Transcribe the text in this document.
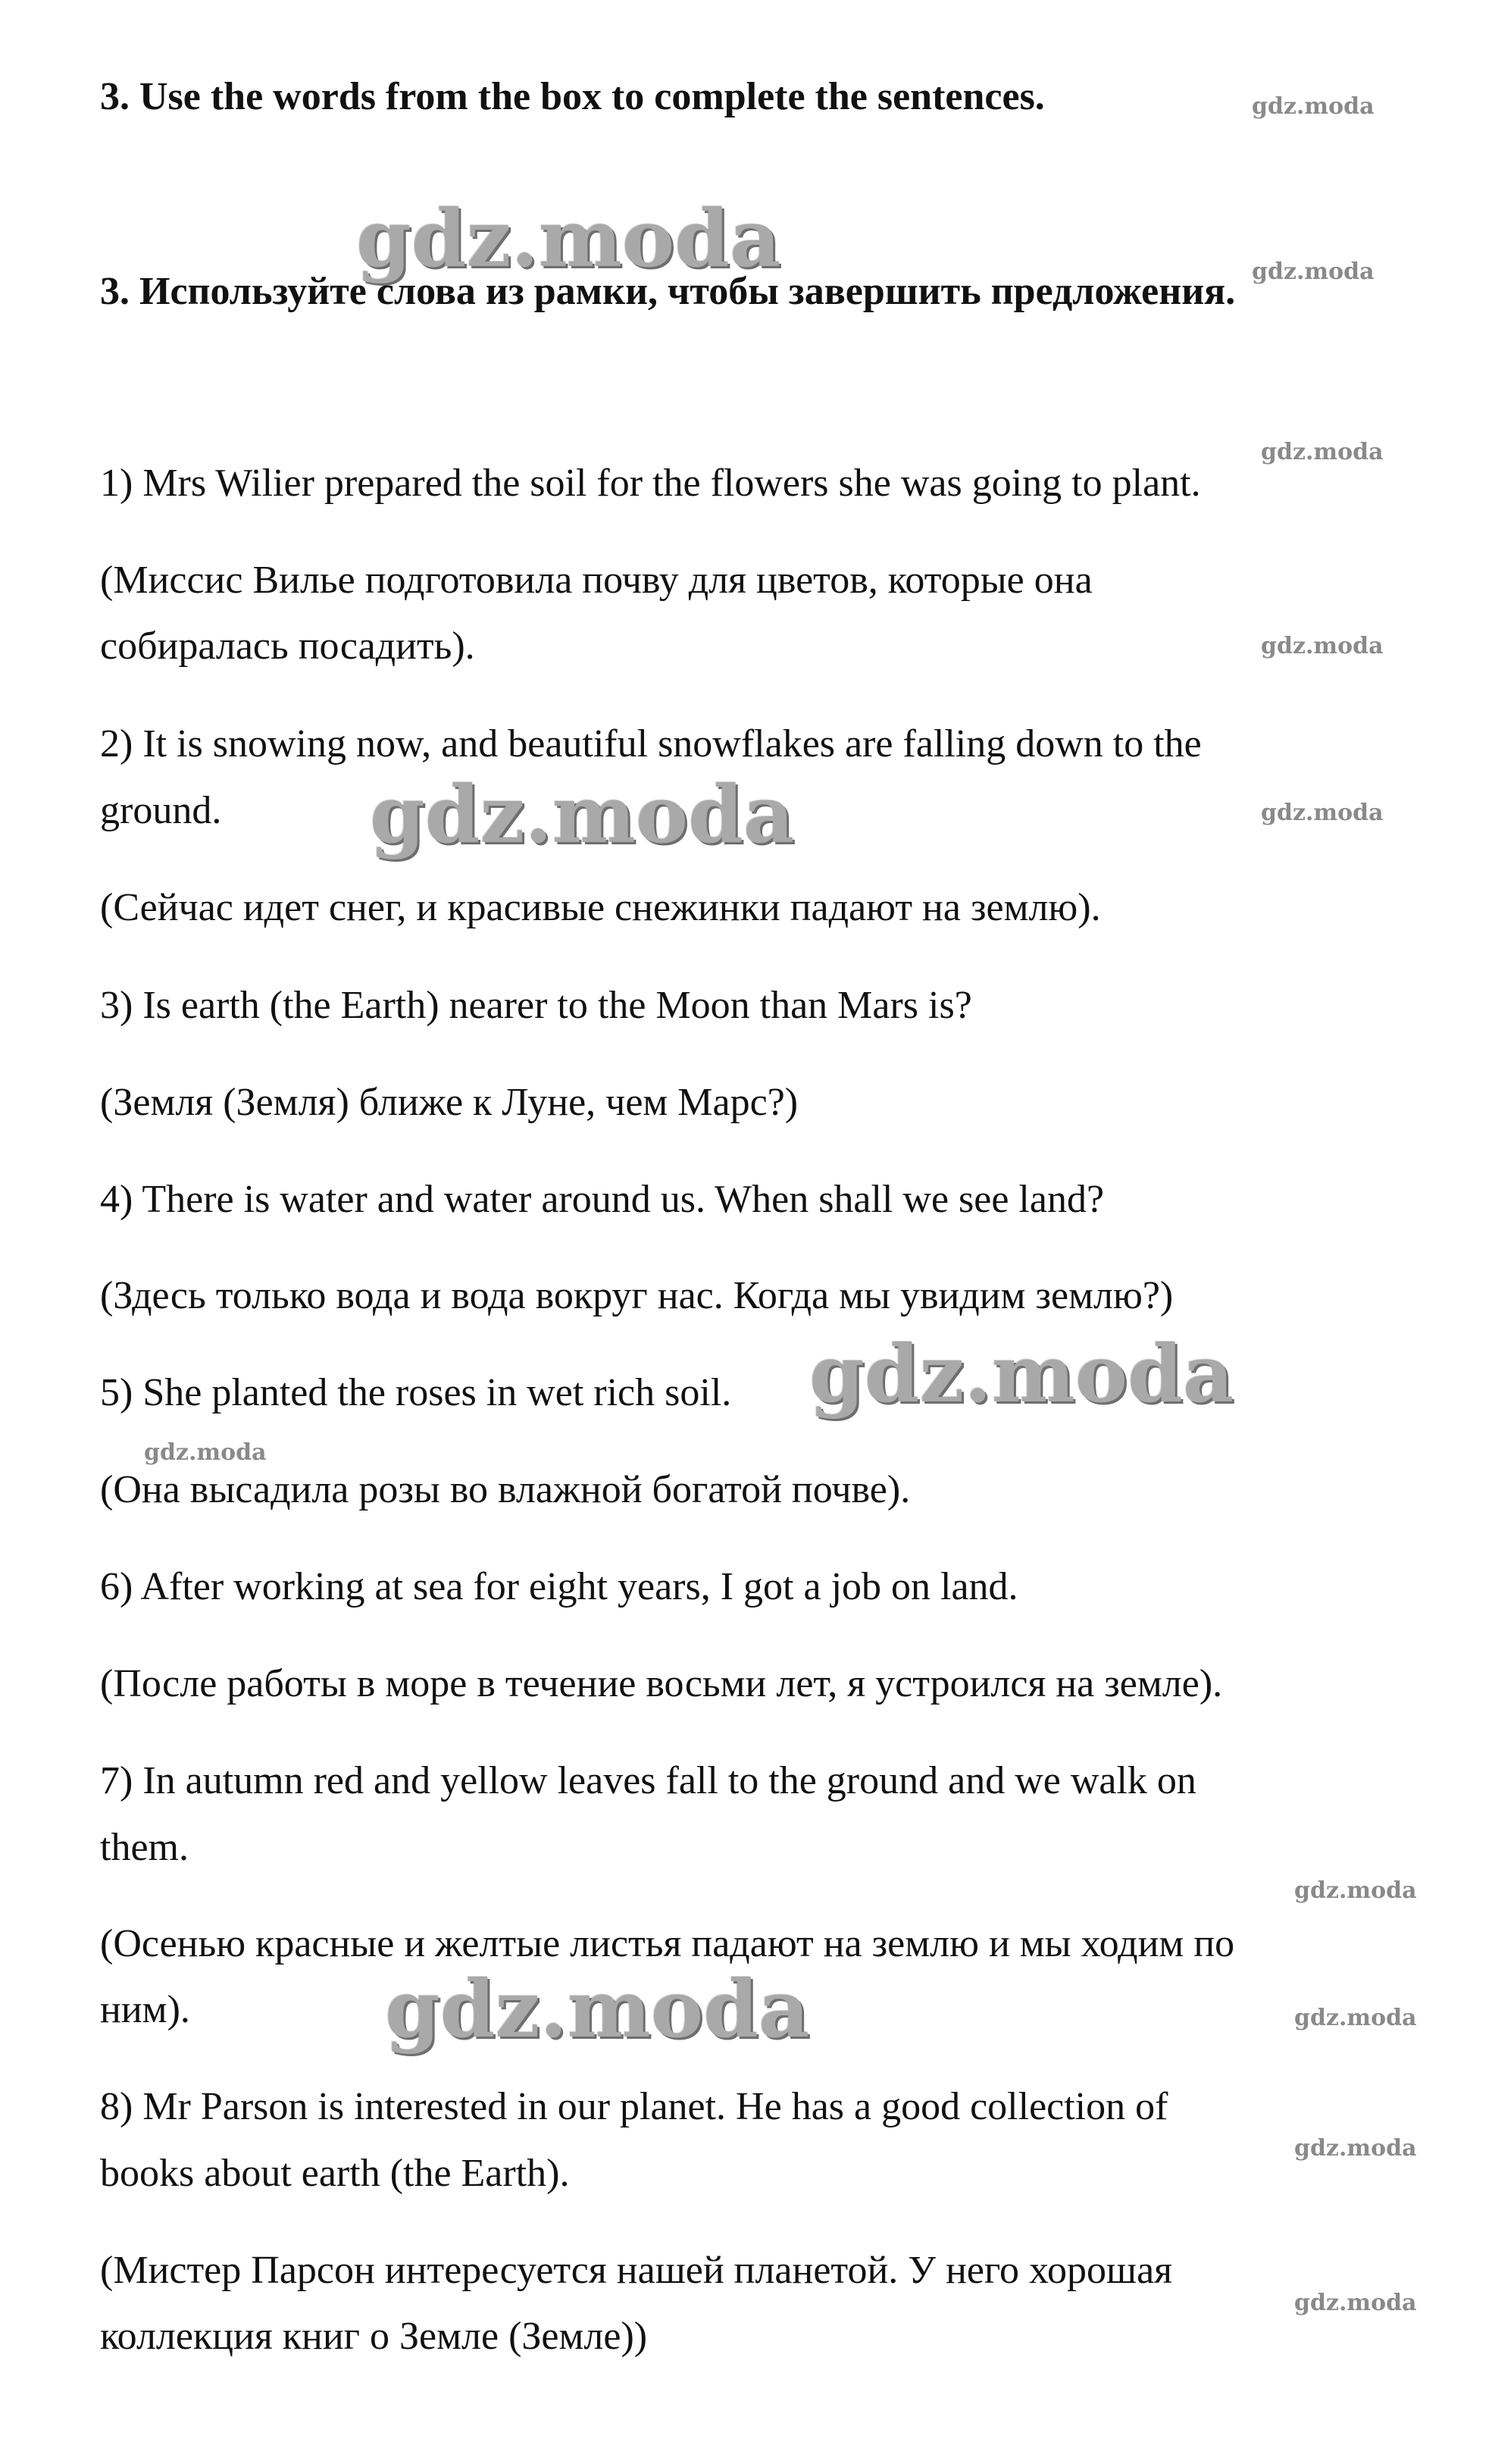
3. Use the words from the box to complete the sentences.
3. Используйте слова из рамки, чтобы завершить предложения.
1) Mrs Wilier prepared the soil for the flowers she was going to plant.
(Миссис Вилье подготовила почву для цветов, которые она
собиралась посадить).
2) It is snowing now, and beautiful snowflakes are falling down to the
ground.
(Сейчас идет снег, и красивые снежинки падают на землю).
3) Is earth (the Earth) nearer to the Moon than Mars is?
(Земля (Земля) ближе к Луне, чем Марс?)
4) There is water and water around us. When shall we see land?
(Здесь только вода и вода вокруг нас. Когда мы увидим землю?)
5) She planted the roses in wet rich soil.
(Она высадила розы во влажной богатой почве).
6) After working at sea for eight years, I got a job on land.
(После работы в море в течение восьми лет, я устроился на земле).
7) In autumn red and yellow leaves fall to the ground and we walk on
them.
(Осенью красные и желтые листья падают на землю и мы ходим по
ним).
8) Mr Parson is interested in our planet. He has a good collection of
books about earth (the Earth).
(Мистер Парсон интересуется нашей планетой. У него хорошая
коллекция книг о Земле (Земле))
gdz.moda
gdz.moda
gdz.moda
gdz.moda
gdz.moda
gdz.moda
gdz.moda
gdz.moda
gdz.moda
gdz.moda
gdz.moda
gdz.moda
gdz.moda
gdz.moda
